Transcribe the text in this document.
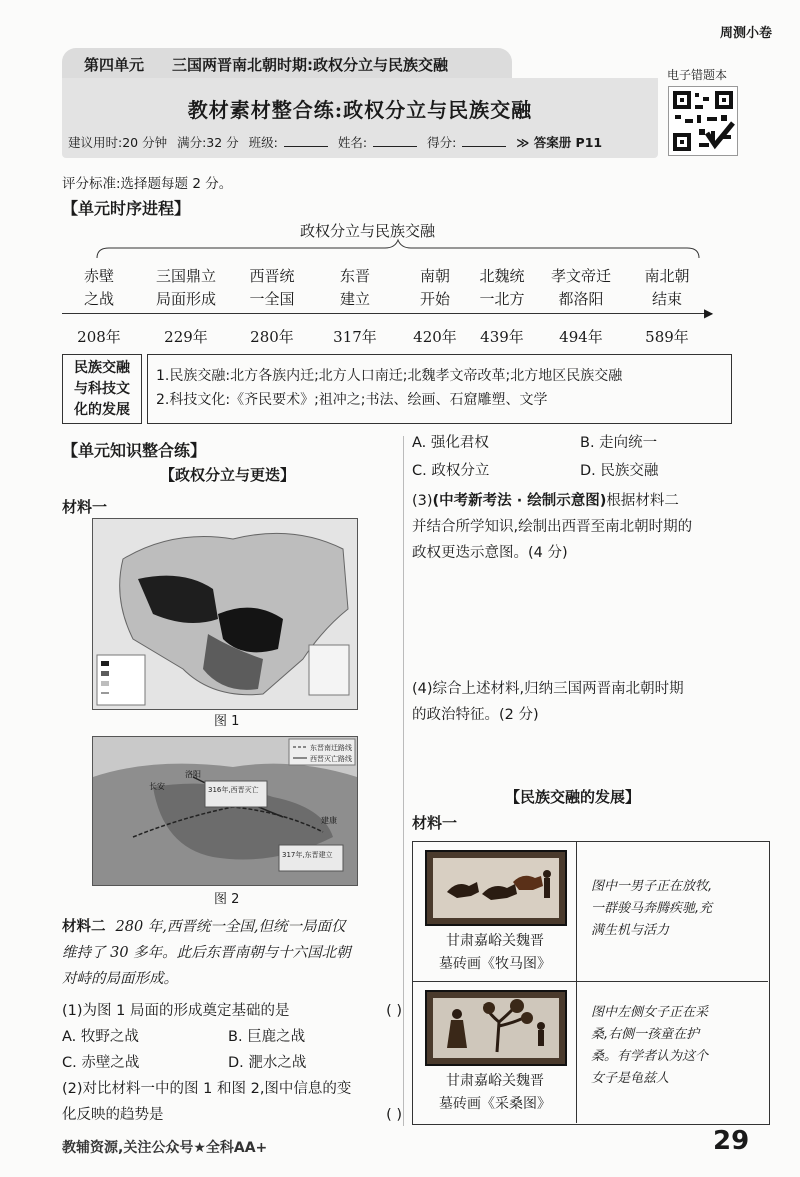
周测小卷
第四单元 三国两晋南北朝时期:政权分立与民族交融
教材素材整合练:政权分立与民族交融
建议用时:20 分钟 满分:32 分 班级:	姓名:	得分:	≫ 答案册 P11
电子错题本
评分标准:选择题每题 2 分。
【单元时序进程】
政权分立与民族交融
▶
赤壁
之战
208年
三国鼎立
局面形成
229年
西晋统
一全国
280年
东晋
建立
317年
南朝
开始
420年
北魏统
一北方
439年
孝文帝迁
都洛阳
494年
南北朝
结束
589年
民族交融
与科技文
化的发展
1.民族交融:北方各族内迁;北方人口南迁;北魏孝文帝改革;北方地区民族交融
2.科技文化:《齐民要术》;祖冲之;书法、绘画、石窟雕塑、文学
【单元知识整合练】
【政权分立与更迭】
材料一
图 1
东晋南迁路线
西晋灭亡路线
316年,西晋灭亡
317年,东晋建立
建康
洛阳
长安
图 2
材料二 280 年,西晋统一全国,但统一局面仅
维持了 30 多年。此后东晋南朝与十六国北朝
对峙的局面形成。
(1)为图 1 局面的形成奠定基础的是	( )
A. 牧野之战	B. 巨鹿之战
C. 赤壁之战	D. 淝水之战
(2)对比材料一中的图 1 和图 2,图中信息的变
化反映的趋势是	( )
A. 强化君权	B. 走向统一
C. 政权分立	D. 民族交融
(3)(中考新考法 · 绘制示意图)根据材料二
并结合所学知识,绘制出西晋至南北朝时期的
政权更迭示意图。(4 分)
(4)综合上述材料,归纳三国两晋南北朝时期
的政治特征。(2 分)
【民族交融的发展】
材料一
甘肃嘉峪关魏晋
墓砖画《牧马图》
图中一男子正在放牧,
一群骏马奔腾疾驰,充
满生机与活力
甘肃嘉峪关魏晋
墓砖画《采桑图》
图中左侧女子正在采
桑,右侧一孩童在护
桑。有学者认为这个
女子是龟兹人
教辅资源,关注公众号★全科AA+	29
